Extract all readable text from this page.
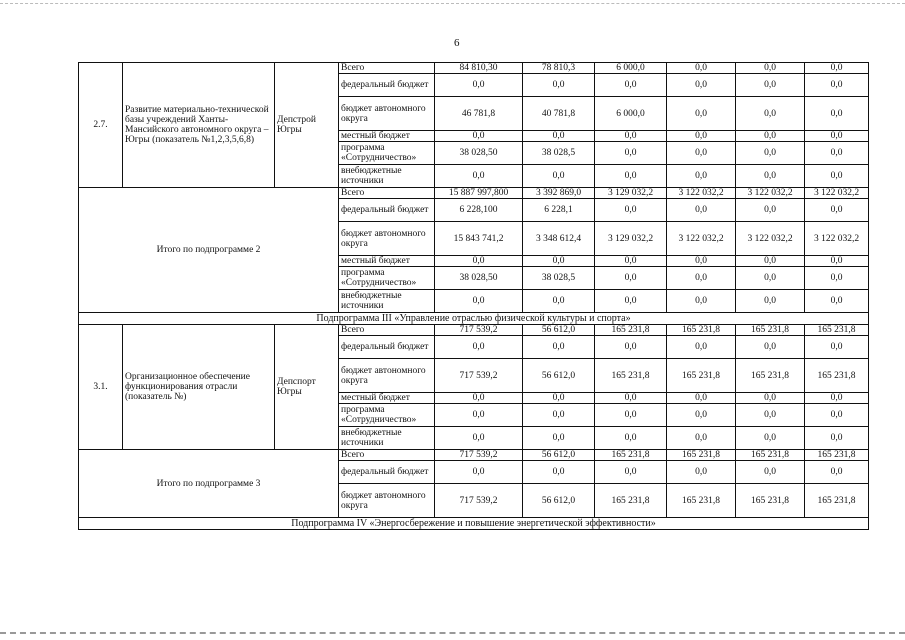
6
2.7.	Развитие материально-технической базы учреждений Ханты-Мансийского автономного округа – Югры (показатель №1,2,3,5,6,8)	Депстрой Югры	Всего	84 810,30	78 810,3	6 000,0	0,0	0,0	0,0
			федеральный бюджет	0,0	0,0	0,0	0,0	0,0	0,0
			бюджет автономного округа	46 781,8	40 781,8	6 000,0	0,0	0,0	0,0
			местный бюджет	0,0	0,0	0,0	0,0	0,0	0,0
			программа «Сотрудничество»	38 028,50	38 028,5	0,0	0,0	0,0	0,0
			внебюджетные источники	0,0	0,0	0,0	0,0	0,0	0,0
Итого по подпрограмме 2			Всего	15 887 997,800	3 392 869,0	3 129 032,2	3 122 032,2	3 122 032,2	3 122 032,2
			федеральный бюджет	6 228,100	6 228,1	0,0	0,0	0,0	0,0
			бюджет автономного округа	15 843 741,2	3 348 612,4	3 129 032,2	3 122 032,2	3 122 032,2	3 122 032,2
			местный бюджет	0,0	0,0	0,0	0,0	0,0	0,0
			программа «Сотрудничество»	38 028,50	38 028,5	0,0	0,0	0,0	0,0
			внебюджетные источники	0,0	0,0	0,0	0,0	0,0	0,0
Подпрограмма III «Управление отраслью физической культуры и спорта»									
3.1.	Организационное обеспечение функционирования отрасли (показатель №)	Депспорт Югры	Всего	717 539,2	56 612,0	165 231,8	165 231,8	165 231,8	165 231,8
			федеральный бюджет	0,0	0,0	0,0	0,0	0,0	0,0
			бюджет автономного округа	717 539,2	56 612,0	165 231,8	165 231,8	165 231,8	165 231,8
			местный бюджет	0,0	0,0	0,0	0,0	0,0	0,0
			программа «Сотрудничество»	0,0	0,0	0,0	0,0	0,0	0,0
			внебюджетные источники	0,0	0,0	0,0	0,0	0,0	0,0
Итого по подпрограмме 3			Всего	717 539,2	56 612,0	165 231,8	165 231,8	165 231,8	165 231,8
			федеральный бюджет	0,0	0,0	0,0	0,0	0,0	0,0
			бюджет автономного округа	717 539,2	56 612,0	165 231,8	165 231,8	165 231,8	165 231,8
Подпрограмма IV «Энергосбережение и повышение энергетической эффективности»									
